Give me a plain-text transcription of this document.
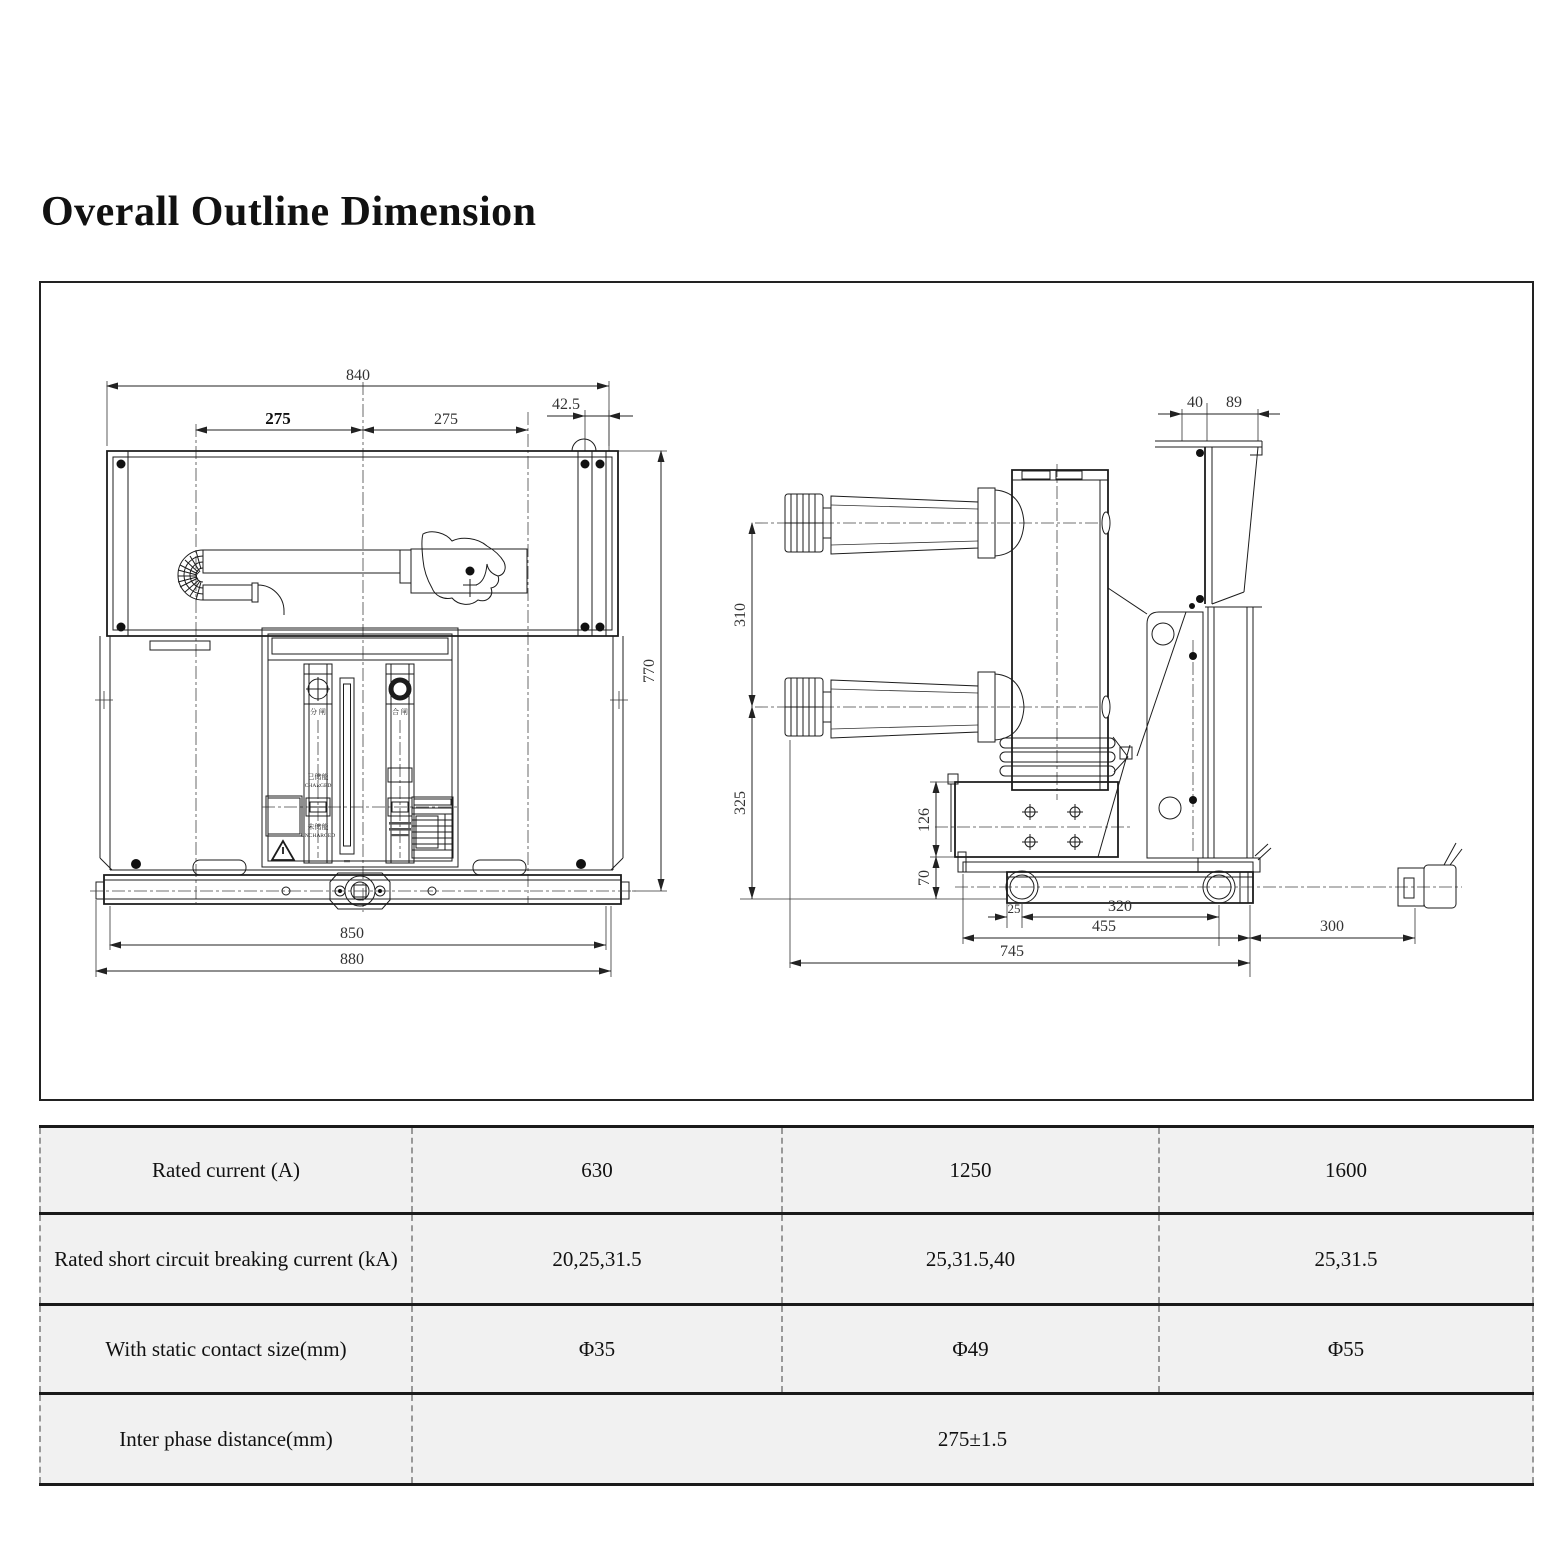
Overall Outline Dimension
840
275	275
42.5
770
分 闸	合 闸
已储能
CHARGED
未储能
UNCHARGED
850
880
40 89
310
325
126
70
25	320
455	300
745
Rated current (A)	630	1250	1600
Rated short circuit breaking current (kA)	20,25,31.5	25,31.5,40	25,31.5
With static contact size(mm)	Φ35	Φ49	Φ55
Inter phase distance(mm)	275±1.5
